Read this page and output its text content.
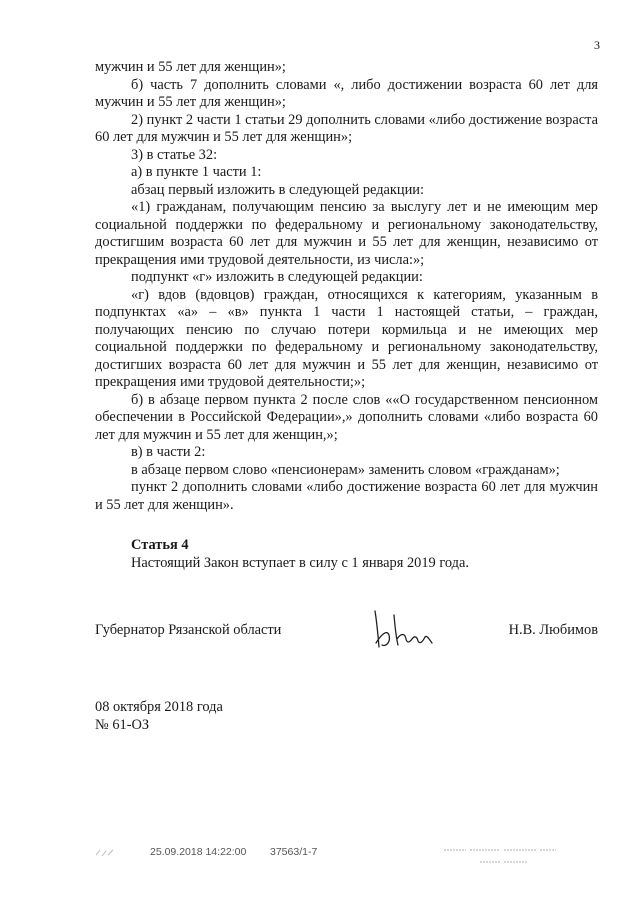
3

мужчин и 55 лет для женщин»;

б) часть 7 дополнить словами «, либо достижении возраста 60 лет для мужчин и 55 лет для женщин»;

2) пункт 2 части 1 статьи 29 дополнить словами «либо достижение возраста 60 лет для мужчин и 55 лет для женщин»;

3) в статье 32:

а) в пункте 1 части 1:

абзац первый изложить в следующей редакции:

«1) гражданам, получающим пенсию за выслугу лет и не имеющим мер социальной поддержки по федеральному и региональному законодательству, достигшим возраста 60 лет для мужчин и 55 лет для женщин, независимо от прекращения ими трудовой деятельности, из числа:»;

подпункт «г» изложить в следующей редакции:

«г) вдов (вдовцов) граждан, относящихся к категориям, указанным в подпунктах «а» – «в» пункта 1 части 1 настоящей статьи, – граждан, получающих пенсию по случаю потери кормильца и не имеющих мер социальной поддержки по федеральному и региональному законодательству, достигших возраста 60 лет для мужчин и 55 лет для женщин, независимо от прекращения ими трудовой деятельности;»;

б) в абзаце первом пункта 2 после слов ««О государственном пенсионном обеспечении в Российской Федерации»,» дополнить словами «либо возраста 60 лет для мужчин и 55 лет для женщин,»;

в) в части 2:

в абзаце первом слово «пенсионерам» заменить словом «гражданам»;

пункт 2 дополнить словами «либо достижение возраста 60 лет для мужчин и 55 лет для женщин».

Статья 4
Настоящий Закон вступает в силу с 1 января 2019 года.
Губернатор Рязанской области	Н.В. Любимов
08 октября 2018 года
№ 61-ОЗ
25.09.2018 14:22:00 37563/1-7
